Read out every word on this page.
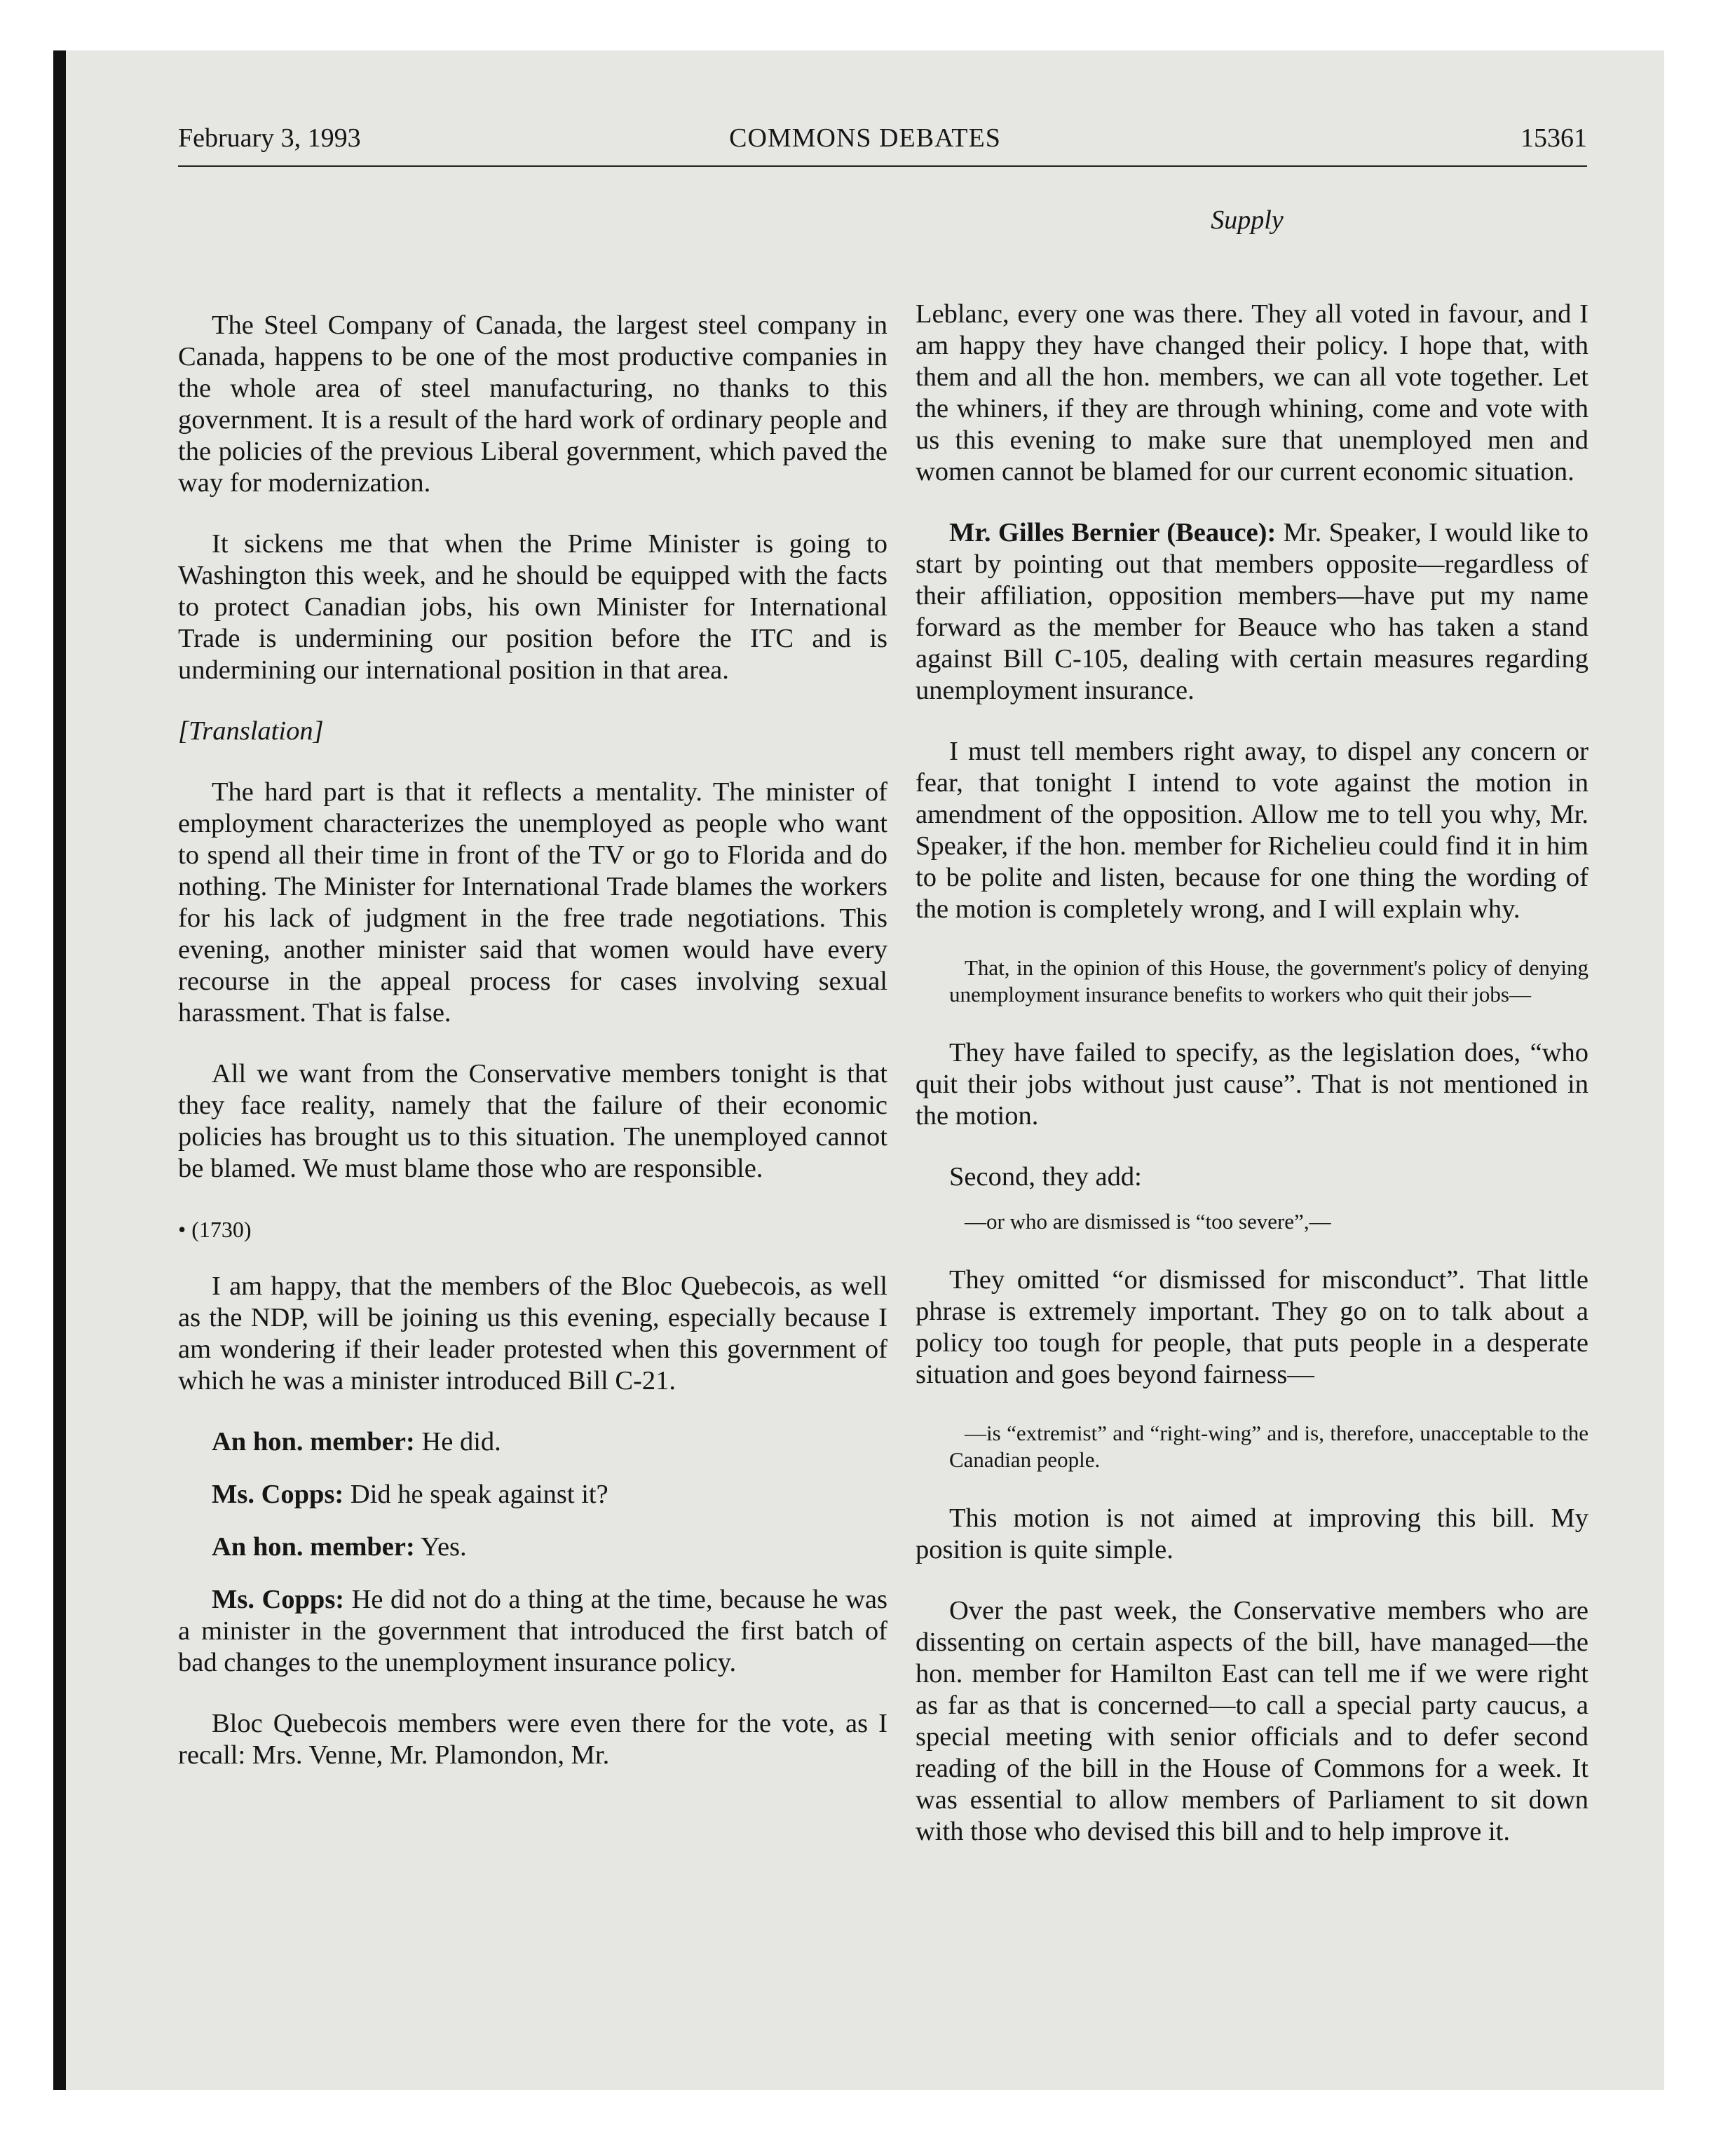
February 3, 1993	COMMONS DEBATES	15361
Supply

The Steel Company of Canada, the largest steel company in Canada, happens to be one of the most productive companies in the whole area of steel manufacturing, no thanks to this government. It is a result of the hard work of ordinary people and the policies of the previous Liberal government, which paved the way for modernization.

It sickens me that when the Prime Minister is going to Washington this week, and he should be equipped with the facts to protect Canadian jobs, his own Minister for International Trade is undermining our position before the ITC and is undermining our international position in that area.

[Translation]

The hard part is that it reflects a mentality. The minister of employment characterizes the unemployed as people who want to spend all their time in front of the TV or go to Florida and do nothing. The Minister for International Trade blames the workers for his lack of judgment in the free trade negotiations. This evening, another minister said that women would have every recourse in the appeal process for cases involving sexual harassment. That is false.

All we want from the Conservative members tonight is that they face reality, namely that the failure of their economic policies has brought us to this situation. The unemployed cannot be blamed. We must blame those who are responsible.

• (1730)

I am happy, that the members of the Bloc Quebecois, as well as the NDP, will be joining us this evening, especially because I am wondering if their leader protested when this government of which he was a minister introduced Bill C-21.

An hon. member: He did.

Ms. Copps: Did he speak against it?

An hon. member: Yes.

Ms. Copps: He did not do a thing at the time, because he was a minister in the government that introduced the first batch of bad changes to the unemployment insurance policy.

Bloc Quebecois members were even there for the vote, as I recall: Mrs. Venne, Mr. Plamondon, Mr.

Leblanc, every one was there. They all voted in favour, and I am happy they have changed their policy. I hope that, with them and all the hon. members, we can all vote together. Let the whiners, if they are through whining, come and vote with us this evening to make sure that unemployed men and women cannot be blamed for our current economic situation.

Mr. Gilles Bernier (Beauce): Mr. Speaker, I would like to start by pointing out that members opposite—regardless of their affiliation, opposition members—have put my name forward as the member for Beauce who has taken a stand against Bill C-105, dealing with certain measures regarding unemployment insurance.

I must tell members right away, to dispel any concern or fear, that tonight I intend to vote against the motion in amendment of the opposition. Allow me to tell you why, Mr. Speaker, if the hon. member for Richelieu could find it in him to be polite and listen, because for one thing the wording of the motion is completely wrong, and I will explain why.

That, in the opinion of this House, the government's policy of denying unemployment insurance benefits to workers who quit their jobs—

They have failed to specify, as the legislation does, “who quit their jobs without just cause”. That is not mentioned in the motion.

Second, they add:

—or who are dismissed is “too severe”,—

They omitted “or dismissed for misconduct”. That little phrase is extremely important. They go on to talk about a policy too tough for people, that puts people in a desperate situation and goes beyond fairness—

—is “extremist” and “right-wing” and is, therefore, unacceptable to the Canadian people.

This motion is not aimed at improving this bill. My position is quite simple.

Over the past week, the Conservative members who are dissenting on certain aspects of the bill, have managed—the hon. member for Hamilton East can tell me if we were right as far as that is concerned—to call a special party caucus, a special meeting with senior officials and to defer second reading of the bill in the House of Commons for a week. It was essential to allow members of Parliament to sit down with those who devised this bill and to help improve it.
